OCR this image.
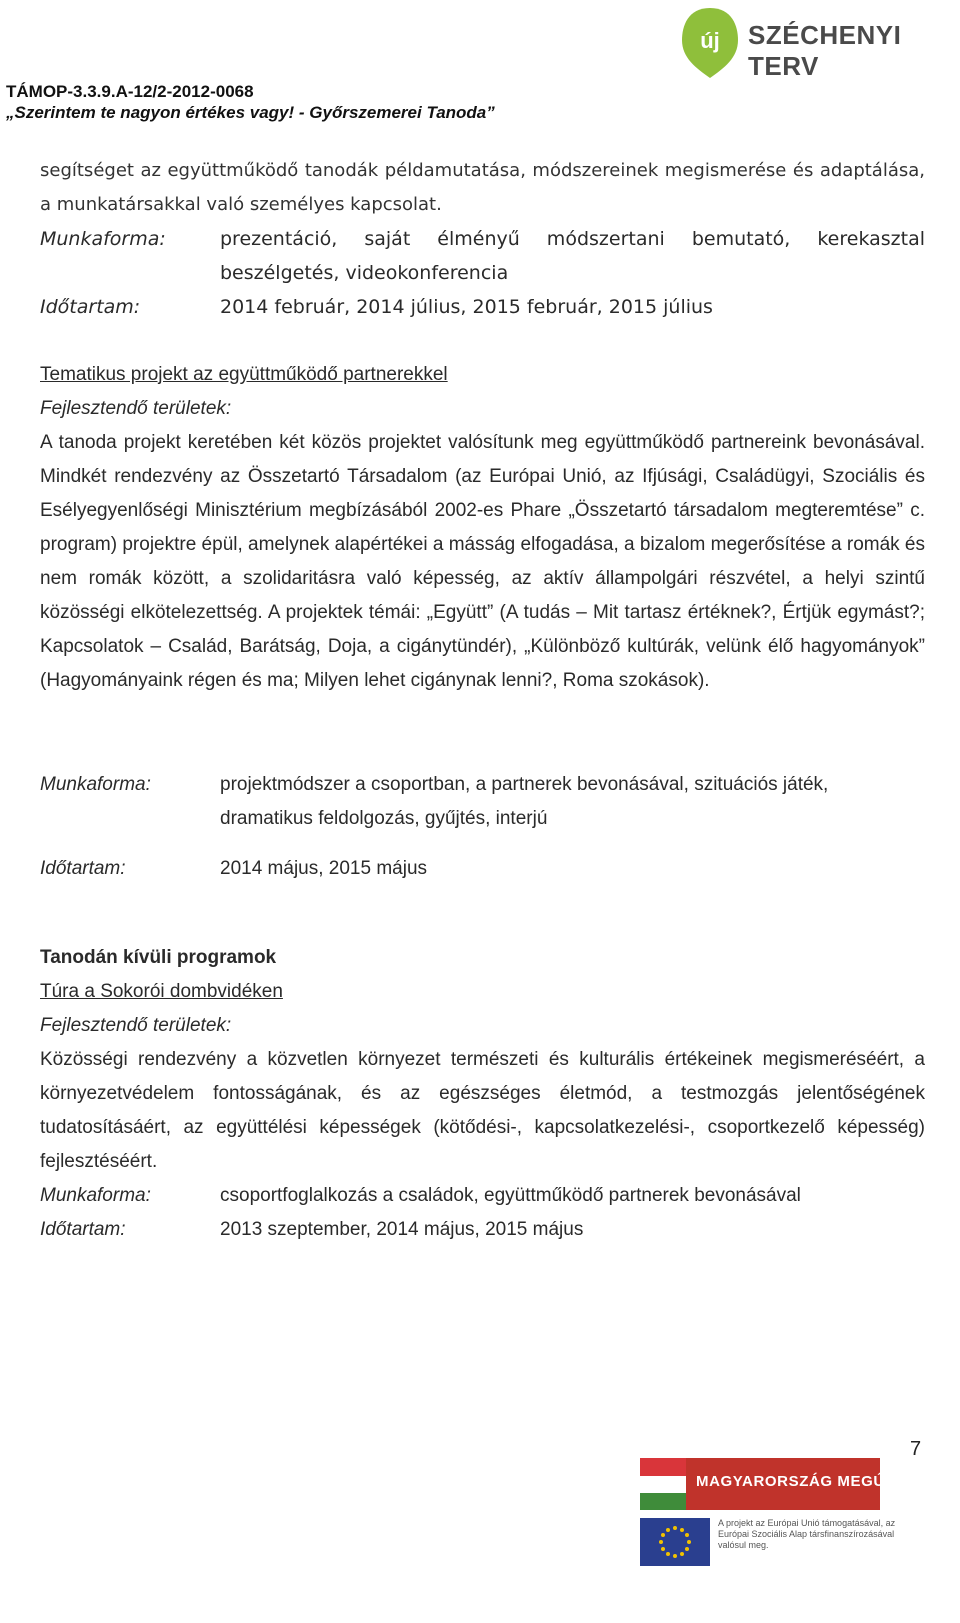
TÁMOP-3.3.9.A-12/2-2012-0068
„Szerintem te nagyon értékes vagy! - Győrszemerei Tanoda”
új SZÉCHENYI TERV
segítséget az együttműködő tanodák példamutatása, módszereinek megismerése és adaptálása, a munkatársakkal való személyes kapcsolat.
Munkaforma:	prezentáció, saját élményű módszertani bemutató, kerekasztal beszélgetés, videokonferencia
Időtartam:	2014 február, 2014 július, 2015 február, 2015 július
Tematikus projekt az együttműködő partnerekkel
Fejlesztendő területek:
A tanoda projekt keretében két közös projektet valósítunk meg együttműködő partnereink bevonásával. Mindkét rendezvény az Összetartó Társadalom (az Európai Unió, az Ifjúsági, Családügyi, Szociális és Esélyegyenlőségi Minisztérium megbízásából 2002-es Phare „Összetartó társadalom megteremtése” c. program) projektre épül, amelynek alapértékei a másság elfogadása, a bizalom megerősítése a romák és nem romák között, a szolidaritásra való képesség, az aktív állampolgári részvétel, a helyi szintű közösségi elkötelezettség. A projektek témái: „Együtt” (A tudás – Mit tartasz értéknek?, Értjük egymást?; Kapcsolatok – Család, Barátság, Doja, a cigánytündér), „Különböző kultúrák, velünk élő hagyományok” (Hagyományaink régen és ma; Milyen lehet cigánynak lenni?, Roma szokások).
Munkaforma:	projektmódszer a csoportban, a partnerek bevonásával, szituációs játék, dramatikus feldolgozás, gyűjtés, interjú
Időtartam:	2014 május, 2015 május
Tanodán kívüli programok
Túra a Sokorói dombvidéken
Fejlesztendő területek:
Közösségi rendezvény a közvetlen környezet természeti és kulturális értékeinek megismeréséért, a környezetvédelem fontosságának, és az egészséges életmód, a testmozgás jelentőségének tudatosításáért, az együttélési képességek (kötődési-, kapcsolatkezelési-, csoportkezelő képesség) fejlesztéséért.
Munkaforma:	csoportfoglalkozás a családok, együttműködő partnerek bevonásával
Időtartam:	2013 szeptember, 2014 május, 2015 május
7
MAGYARORSZÁG MEGÚJUL
A projekt az Európai Unió támogatásával, az Európai Szociális Alap társfinanszírozásával valósul meg.
